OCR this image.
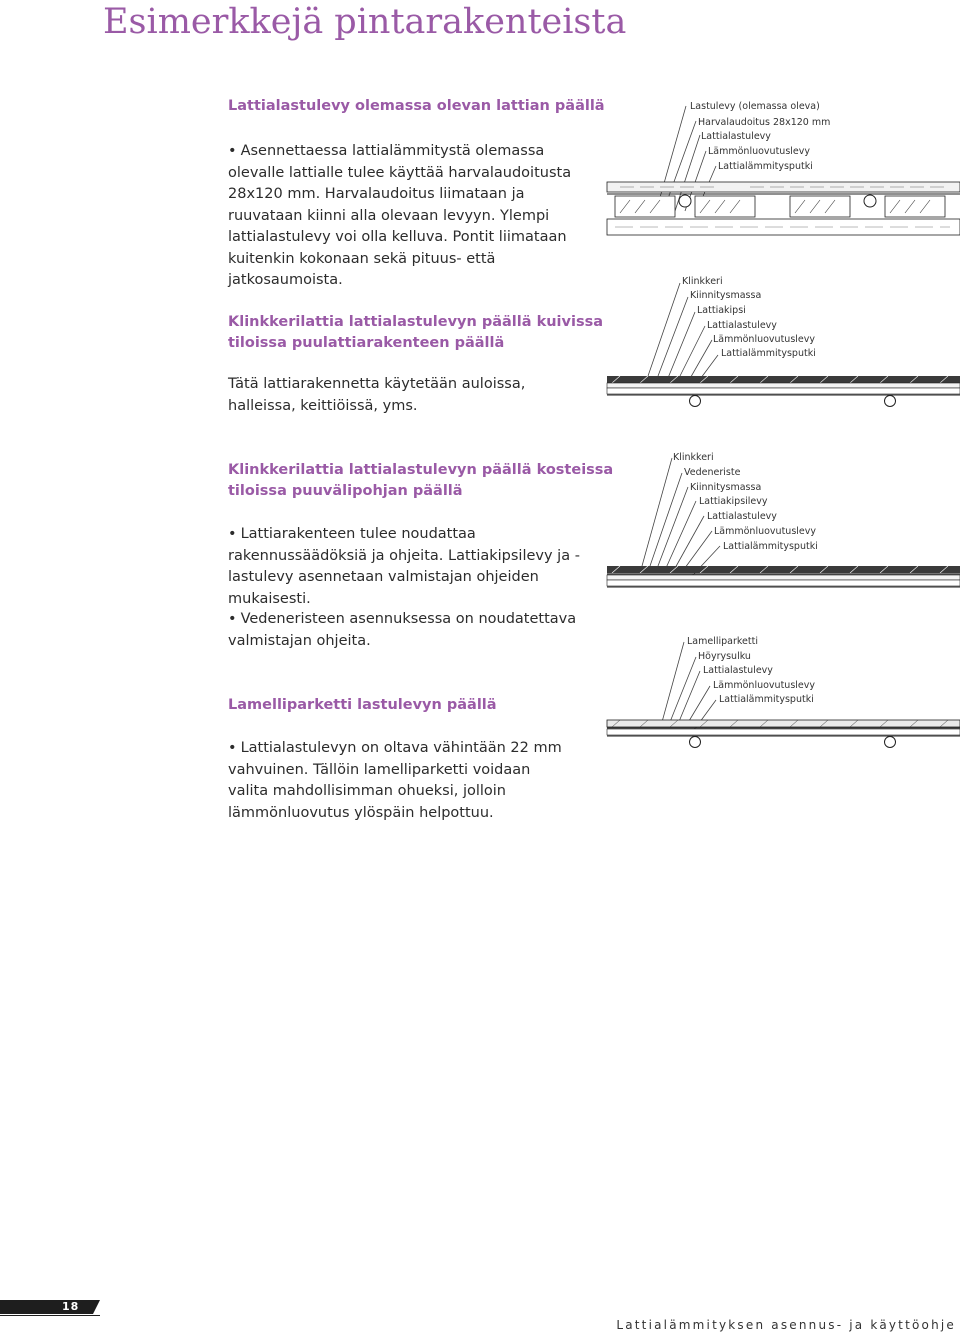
Esimerkkejä pintarakenteista

Lattialastulevy olemassa olevan lattian päällä

• Asennettaessa lattialämmitystä olemassa olevalle lattialle tulee käyttää harvalaudoitusta 28x120 mm. Harvalaudoitus liimataan ja ruuvataan kiinni alla olevaan levyyn. Ylempi lattialastulevy voi olla kelluva. Pontit liimataan kuitenkin kokonaan sekä pituus- että jatkosaumoista.

Klinkkerilattia lattialastulevyn päällä kuivissa
tiloissa puulattiarakenteen päällä

Tätä lattiarakennetta käytetään auloissa, halleissa, keittiöissä, yms.

Klinkkerilattia lattialastulevyn päällä kosteissa
tiloissa puuvälipohjan päällä

• Lattiarakenteen tulee noudattaa rakennussäädöksiä ja ohjeita. Lattiakipsilevy ja -lastulevy asennetaan valmistajan ohjeiden mukaisesti.

• Vedeneristeen asennuksessa on noudatettava valmistajan ohjeita.

Lamelliparketti lastulevyn päällä

• Lattialastulevyn on oltava vähintään 22 mm vahvuinen. Tällöin lamelliparketti voidaan valita mahdollisimman ohueksi, jolloin lämmönluovutus ylöspäin helpottuu.

Lastulevy (olemassa oleva)
Harvalaudoitus 28x120 mm
Lattialastulevy
Lämmönluovutuslevy
Lattialämmitysputki
Klinkkeri
Kiinnitysmassa
Lattiakipsi
Lattialastulevy
Lämmönluovutuslevy
Lattialämmitysputki
Klinkkeri
Vedeneriste
Kiinnitysmassa
Lattiakipsilevy
Lattialastulevy
Lämmönluovutuslevy
Lattialämmitysputki
Lamelliparketti
Höyrysulku
Lattialastulevy
Lämmönluovutuslevy
Lattialämmitysputki
18
Lattialämmityksen asennus- ja käyttöohje
